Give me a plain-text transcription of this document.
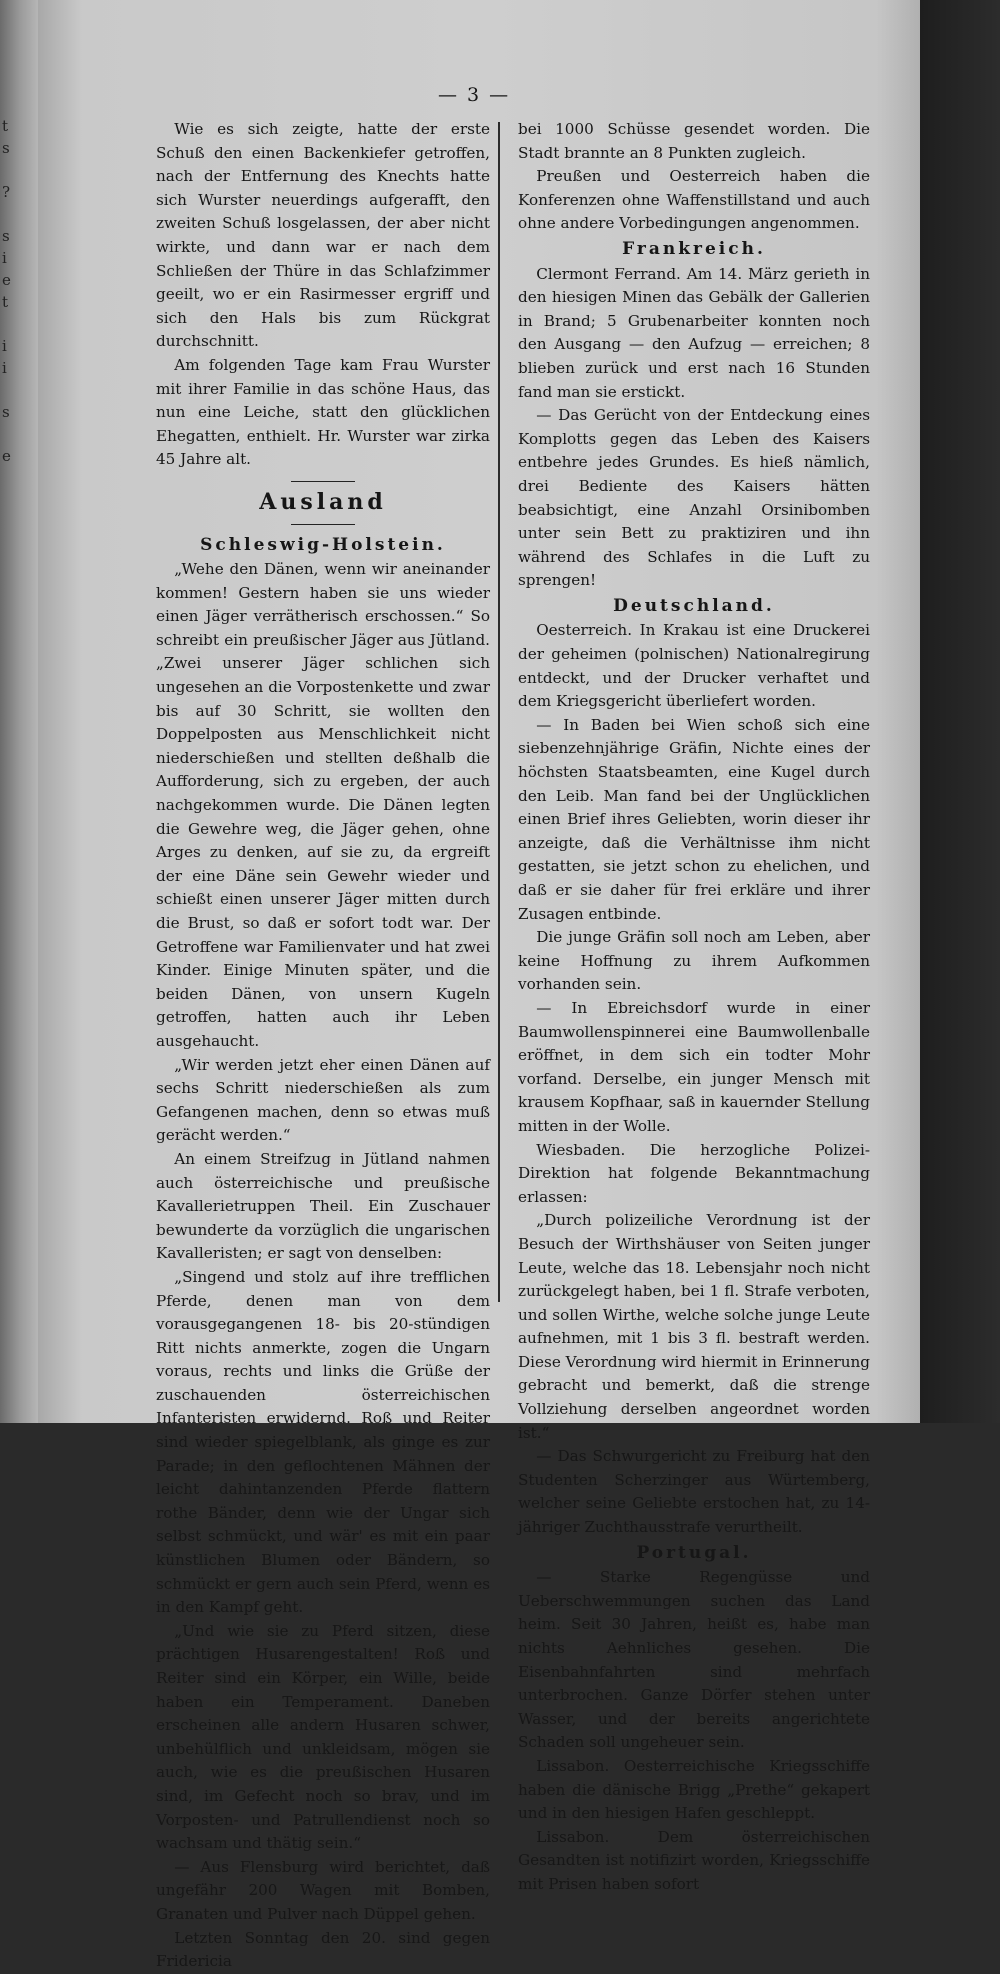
t
s
?
s
i
e
t
i
i
s
e
— 3 —

Wie es sich zeigte, hatte der erste Schuß den einen Backenkiefer getroffen, nach der Entfernung des Knechts hatte sich Wurster neuerdings aufgerafft, den zweiten Schuß losgelassen, der aber nicht wirkte, und dann war er nach dem Schließen der Thüre in das Schlafzimmer geeilt, wo er ein Rasirmesser ergriff und sich den Hals bis zum Rückgrat durchschnitt.

Am folgenden Tage kam Frau Wurster mit ihrer Familie in das schöne Haus, das nun eine Leiche, statt den glücklichen Ehegatten, enthielt. Hr. Wurster war zirka 45 Jahre alt.

Ausland
Schleswig-Holstein.

„Wehe den Dänen, wenn wir aneinander kommen! Gestern haben sie uns wieder einen Jäger verrätherisch erschossen.“ So schreibt ein preußischer Jäger aus Jütland. „Zwei unserer Jäger schlichen sich ungesehen an die Vorpostenkette und zwar bis auf 30 Schritt, sie wollten den Doppelposten aus Menschlichkeit nicht niederschießen und stellten deßhalb die Aufforderung, sich zu ergeben, der auch nachgekommen wurde. Die Dänen legten die Gewehre weg, die Jäger gehen, ohne Arges zu denken, auf sie zu, da ergreift der eine Däne sein Gewehr wieder und schießt einen unserer Jäger mitten durch die Brust, so daß er sofort todt war. Der Getroffene war Familienvater und hat zwei Kinder. Einige Minuten später, und die beiden Dänen, von unsern Kugeln getroffen, hatten auch ihr Leben ausgehaucht.

„Wir werden jetzt eher einen Dänen auf sechs Schritt niederschießen als zum Gefangenen machen, denn so etwas muß gerächt werden.“

An einem Streifzug in Jütland nahmen auch österreichische und preußische Kavallerietruppen Theil. Ein Zuschauer bewunderte da vorzüglich die ungarischen Kavalleristen; er sagt von denselben:

„Singend und stolz auf ihre trefflichen Pferde, denen man von dem vorausgegangenen 18- bis 20-stündigen Ritt nichts anmerkte, zogen die Ungarn voraus, rechts und links die Grüße der zuschauenden österreichischen Infanteristen erwidernd. Roß und Reiter sind wieder spiegelblank, als ginge es zur Parade; in den geflochtenen Mähnen der leicht dahintanzenden Pferde flattern rothe Bänder, denn wie der Ungar sich selbst schmückt, und wär' es mit ein paar künstlichen Blumen oder Bändern, so schmückt er gern auch sein Pferd, wenn es in den Kampf geht.

„Und wie sie zu Pferd sitzen, diese prächtigen Husarengestalten! Roß und Reiter sind ein Körper, ein Wille, beide haben ein Temperament. Daneben erscheinen alle andern Husaren schwer, unbehülflich und unkleidsam, mögen sie auch, wie es die preußischen Husaren sind, im Gefecht noch so brav, und im Vorposten- und Patrullendienst noch so wachsam und thätig sein.“

— Aus Flensburg wird berichtet, daß ungefähr 200 Wagen mit Bomben, Granaten und Pulver nach Düppel gehen.

Letzten Sonntag den 20. sind gegen Fridericia

bei 1000 Schüsse gesendet worden. Die Stadt brannte an 8 Punkten zugleich.

Preußen und Oesterreich haben die Konferenzen ohne Waffenstillstand und auch ohne andere Vorbedingungen angenommen.

Frankreich.

Clermont Ferrand. Am 14. März gerieth in den hiesigen Minen das Gebälk der Gallerien in Brand; 5 Grubenarbeiter konnten noch den Ausgang — den Aufzug — erreichen; 8 blieben zurück und erst nach 16 Stunden fand man sie erstickt.

— Das Gerücht von der Entdeckung eines Komplotts gegen das Leben des Kaisers entbehre jedes Grundes. Es hieß nämlich, drei Bediente des Kaisers hätten beabsichtigt, eine Anzahl Orsinibomben unter sein Bett zu praktiziren und ihn während des Schlafes in die Luft zu sprengen!

Deutschland.

Oesterreich. In Krakau ist eine Druckerei der geheimen (polnischen) Nationalregirung entdeckt, und der Drucker verhaftet und dem Kriegsgericht überliefert worden.

— In Baden bei Wien schoß sich eine siebenzehnjährige Gräfin, Nichte eines der höchsten Staatsbeamten, eine Kugel durch den Leib. Man fand bei der Unglücklichen einen Brief ihres Geliebten, worin dieser ihr anzeigte, daß die Verhältnisse ihm nicht gestatten, sie jetzt schon zu ehelichen, und daß er sie daher für frei erkläre und ihrer Zusagen entbinde.

Die junge Gräfin soll noch am Leben, aber keine Hoffnung zu ihrem Aufkommen vorhanden sein.

— In Ebreichsdorf wurde in einer Baumwollenspinnerei eine Baumwollenballe eröffnet, in dem sich ein todter Mohr vorfand. Derselbe, ein junger Mensch mit krausem Kopfhaar, saß in kauernder Stellung mitten in der Wolle.

Wiesbaden. Die herzogliche Polizei-Direktion hat folgende Bekanntmachung erlassen:

„Durch polizeiliche Verordnung ist der Besuch der Wirthshäuser von Seiten junger Leute, welche das 18. Lebensjahr noch nicht zurückgelegt haben, bei 1 fl. Strafe verboten, und sollen Wirthe, welche solche junge Leute aufnehmen, mit 1 bis 3 fl. bestraft werden. Diese Verordnung wird hiermit in Erinnerung gebracht und bemerkt, daß die strenge Vollziehung derselben angeordnet worden ist.“

— Das Schwurgericht zu Freiburg hat den Studenten Scherzinger aus Würtemberg, welcher seine Geliebte erstochen hat, zu 14-jähriger Zuchthausstrafe verurtheilt.

Portugal.

— Starke Regengüsse und Ueberschwemmungen suchen das Land heim. Seit 30 Jahren, heißt es, habe man nichts Aehnliches gesehen. Die Eisenbahnfahrten sind mehrfach unterbrochen. Ganze Dörfer stehen unter Wasser, und der bereits angerichtete Schaden soll ungeheuer sein.

Lissabon. Oesterreichische Kriegsschiffe haben die dänische Brigg „Prethe“ gekapert und in den hiesigen Hafen geschleppt.

Lissabon. Dem österreichischen Gesandten ist notifizirt worden, Kriegsschiffe mit Prisen haben sofort
